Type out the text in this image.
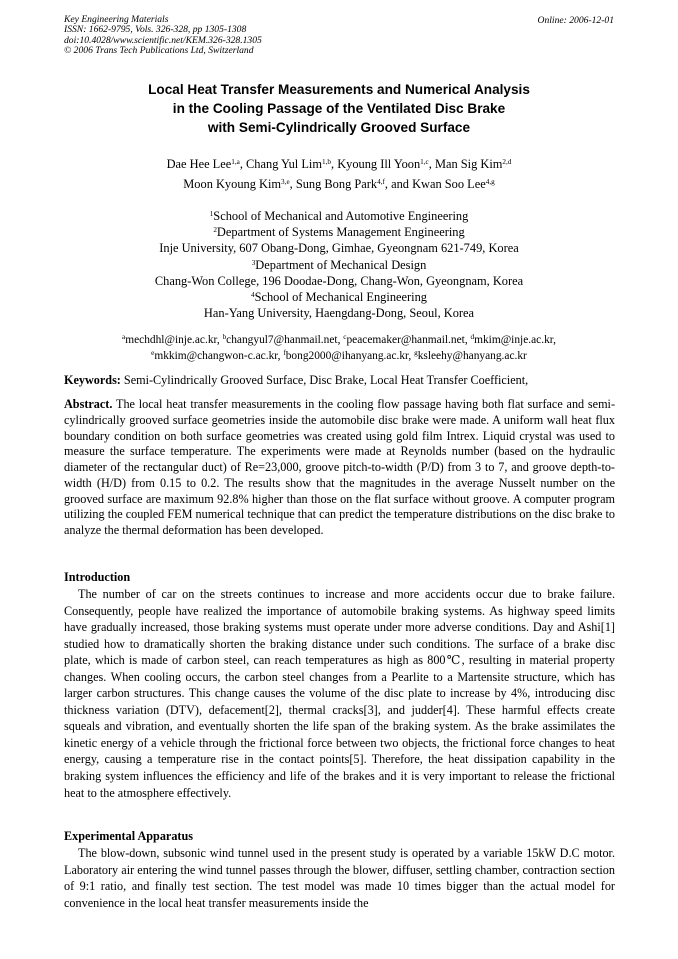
Key Engineering Materials
ISSN: 1662-9795, Vols. 326-328, pp 1305-1308
doi:10.4028/www.scientific.net/KEM.326-328.1305
© 2006 Trans Tech Publications Ltd, Switzerland
Online: 2006-12-01
Local Heat Transfer Measurements and Numerical Analysis
in the Cooling Passage of the Ventilated Disc Brake
with Semi-Cylindrically Grooved Surface
Dae Hee Lee$^{1,a}$, Chang Yul Lim$^{1,b}$, Kyoung Ill Yoon$^{1,c}$, Man Sig Kim$^{2,d}$
Moon Kyoung Kim$^{3,e}$, Sung Bong Park$^{4,f}$, and Kwan Soo Lee$^{4,g}$
$^1$School of Mechanical and Automotive Engineering
$^2$Department of Systems Management Engineering
Inje University, 607 Obang-Dong, Gimhae, Gyeongnam 621-749, Korea
$^3$Department of Mechanical Design
Chang-Won College, 196 Doodae-Dong, Chang-Won, Gyeongnam, Korea
$^4$School of Mechanical Engineering
Han-Yang University, Haengdang-Dong, Seoul, Korea
$^a$mechdhl@inje.ac.kr, $^b$changyul7@hanmail.net, $^c$peacemaker@hanmail.net, $^d$mkim@inje.ac.kr,
$^e$mkkim@changwon-c.ac.kr, $^f$bong2000@ihanyang.ac.kr, $^g$ksleehy@hanyang.ac.kr
Keywords: Semi-Cylindrically Grooved Surface, Disc Brake, Local Heat Transfer Coefficient,
Abstract. The local heat transfer measurements in the cooling flow passage having both flat surface and semi-cylindrically grooved surface geometries inside the automobile disc brake were made. A uniform wall heat flux boundary condition on both surface geometries was created using gold film Intrex. Liquid crystal was used to measure the surface temperature. The experiments were made at Reynolds number (based on the hydraulic diameter of the rectangular duct) of Re=23,000, groove pitch-to-width (P/D) from 3 to 7, and groove depth-to-width (H/D) from 0.15 to 0.2. The results show that the magnitudes in the average Nusselt number on the grooved surface are maximum 92.8% higher than those on the flat surface without groove. A computer program utilizing the coupled FEM numerical technique that can predict the temperature distributions on the disc brake to analyze the thermal deformation has been developed.
Introduction
The number of car on the streets continues to increase and more accidents occur due to brake failure. Consequently, people have realized the importance of automobile braking systems. As highway speed limits have gradually increased, those braking systems must operate under more adverse conditions. Day and Ashi[1] studied how to dramatically shorten the braking distance under such conditions. The surface of a brake disc plate, which is made of carbon steel, can reach temperatures as high as 800℃, resulting in material property changes. When cooling occurs, the carbon steel changes from a Pearlite to a Martensite structure, which has larger carbon structures. This change causes the volume of the disc plate to increase by 4%, introducing disc thickness variation (DTV), defacement[2], thermal cracks[3], and judder[4]. These harmful effects create squeals and vibration, and eventually shorten the life span of the braking system. As the brake assimilates the kinetic energy of a vehicle through the frictional force between two objects, the frictional force changes to heat energy, causing a temperature rise in the contact points[5]. Therefore, the heat dissipation capability in the braking system influences the efficiency and life of the brakes and it is very important to release the frictional heat to the atmosphere effectively.
Experimental Apparatus
The blow-down, subsonic wind tunnel used in the present study is operated by a variable 15kW D.C motor. Laboratory air entering the wind tunnel passes through the blower, diffuser, settling chamber, contraction section of 9:1 ratio, and finally test section. The test model was made 10 times bigger than the actual model for convenience in the local heat transfer measurements inside the
